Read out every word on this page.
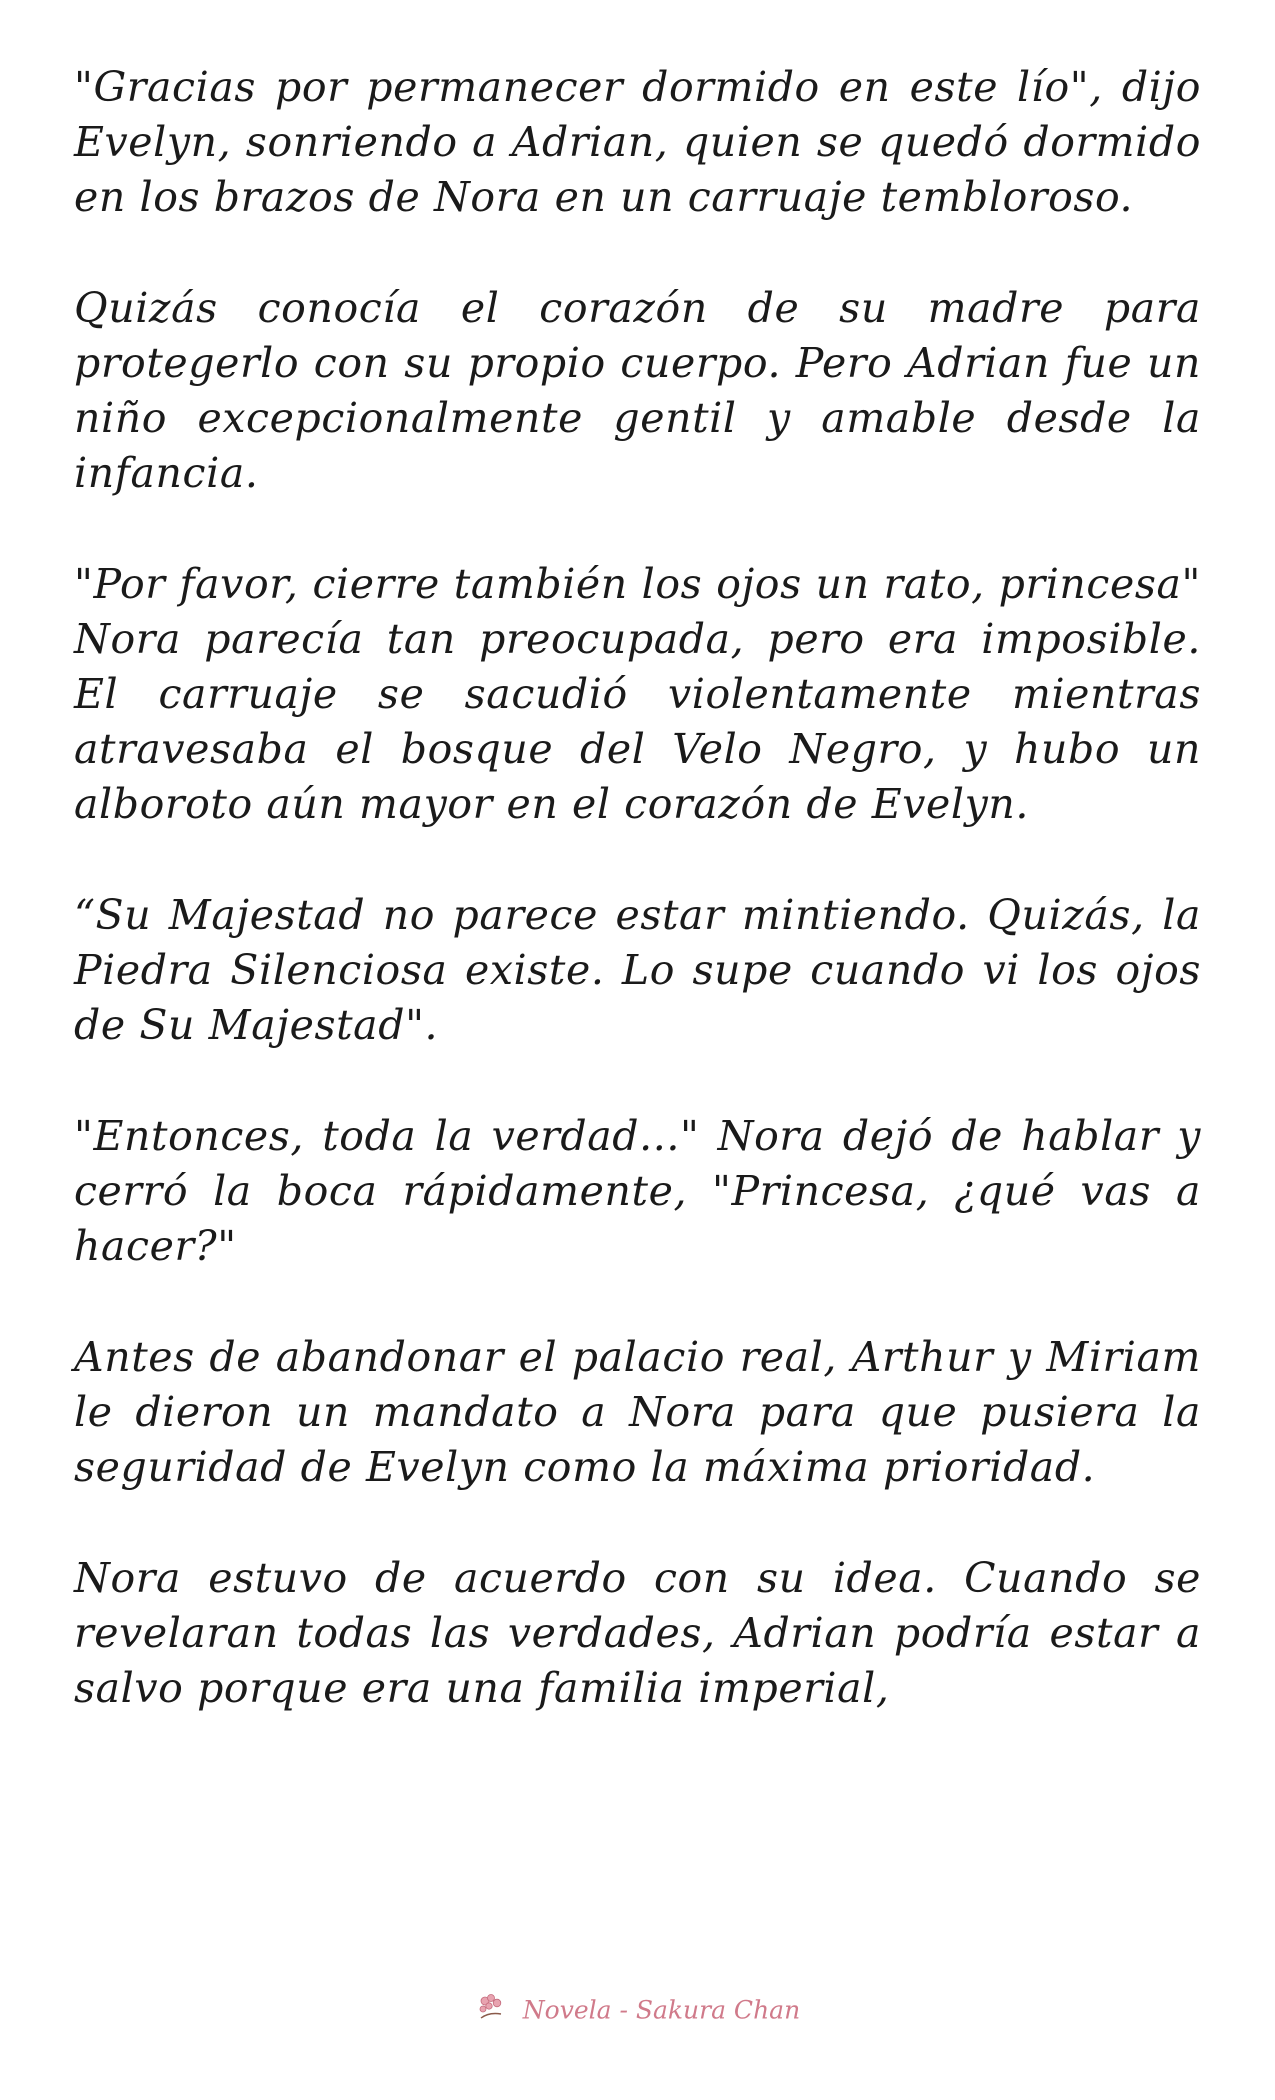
"Gracias por permanecer dormido en este lío", dijo Evelyn, sonriendo a Adrian, quien se quedó dormido en los brazos de Nora en un carruaje tembloroso.

Quizás conocía el corazón de su madre para protegerlo con su propio cuerpo. Pero Adrian fue un niño excepcionalmente gentil y amable desde la infancia.

"Por favor, cierre también los ojos un rato, princesa" Nora parecía tan preocupada, pero era imposible. El carruaje se sacudió violentamente mientras atravesaba el bosque del Velo Negro, y hubo un alboroto aún mayor en el corazón de Evelyn.

“Su Majestad no parece estar mintiendo. Quizás, la Piedra Silenciosa existe. Lo supe cuando vi los ojos de Su Majestad".

"Entonces, toda la verdad..." Nora dejó de hablar y cerró la boca rápidamente, "Princesa, ¿qué vas a hacer?"

Antes de abandonar el palacio real, Arthur y Miriam le dieron un mandato a Nora para que pusiera la seguridad de Evelyn como la máxima prioridad.

Nora estuvo de acuerdo con su idea. Cuando se revelaran todas las verdades, Adrian podría estar a salvo porque era una familia imperial,

Novela - Sakura Chan
